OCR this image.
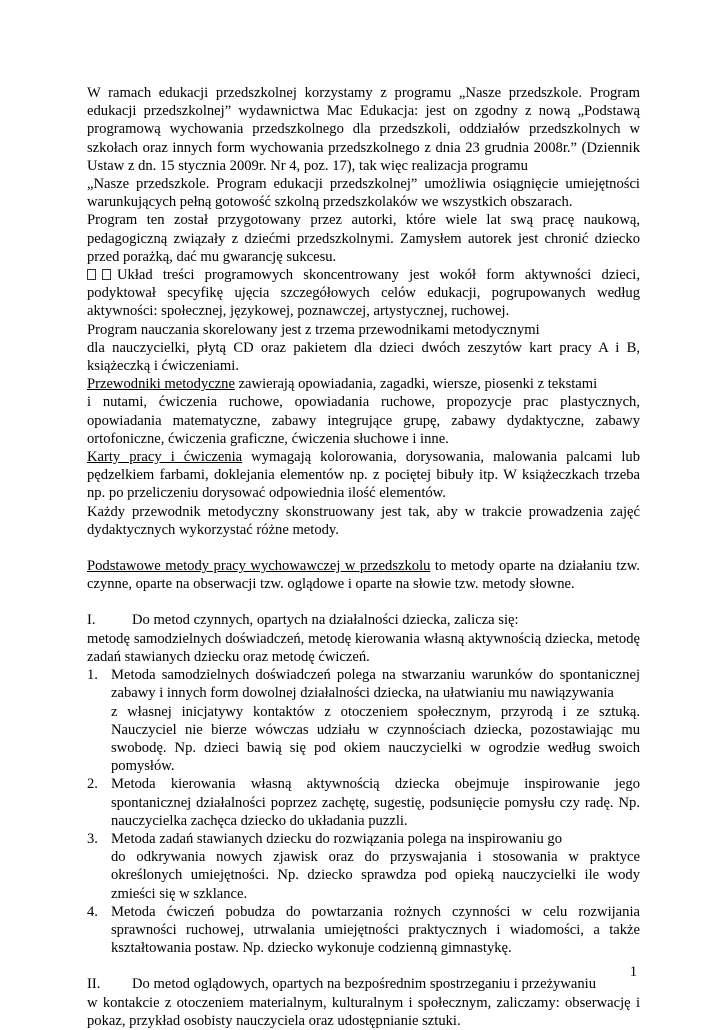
W ramach edukacji przedszkolnej korzystamy z programu „Nasze przedszkole. Program edukacji przedszkolnej” wydawnictwa Mac Edukacja: jest on zgodny z nową „Podstawą programową wychowania przedszkolnego dla przedszkoli, oddziałów przedszkolnych w szkołach oraz innych form wychowania przedszkolnego z dnia 23 grudnia 2008r.” (Dziennik Ustaw z dn. 15 stycznia 2009r. Nr 4, poz. 17), tak więc realizacja programu

„Nasze przedszkole. Program edukacji przedszkolnej” umożliwia osiągnięcie umiejętności warunkujących pełną gotowość szkolną przedszkolaków we wszystkich obszarach.

Program ten został przygotowany przez autorki, które wiele lat swą pracę naukową, pedagogiczną związały z dziećmi przedszkolnymi. Zamysłem autorek jest chronić dziecko przed porażką, dać mu gwarancję sukcesu.

Układ treści programowych skoncentrowany jest wokół form aktywności dzieci, podyktował specyfikę ujęcia szczegółowych celów edukacji, pogrupowanych według aktywności: społecznej, językowej, poznawczej, artystycznej, ruchowej.

Program nauczania skorelowany jest z trzema przewodnikami metodycznymi

dla nauczycielki, płytą CD oraz pakietem dla dzieci dwóch zeszytów kart pracy A i B, książeczką i ćwiczeniami.

Przewodniki metodyczne zawierają opowiadania, zagadki, wiersze, piosenki z tekstami

i nutami, ćwiczenia ruchowe, opowiadania ruchowe, propozycje prac plastycznych, opowiadania matematyczne, zabawy integrujące grupę, zabawy dydaktyczne, zabawy ortofoniczne, ćwiczenia graficzne, ćwiczenia słuchowe i inne.

Karty pracy i ćwiczenia wymagają kolorowania, dorysowania, malowania palcami lub pędzelkiem farbami, doklejania elementów np. z pociętej bibuły itp. W książeczkach trzeba np. po przeliczeniu dorysować odpowiednia ilość elementów.

Każdy przewodnik metodyczny skonstruowany jest tak, aby w trakcie prowadzenia zajęć dydaktycznych wykorzystać różne metody.

Podstawowe metody pracy wychowawczej w przedszkolu to metody oparte na działaniu tzw. czynne, oparte na obserwacji tzw. oglądowe i oparte na słowie tzw. metody słowne.

I.	Do metod czynnych, opartych na działalności dziecka, zalicza się:

metodę samodzielnych doświadczeń, metodę kierowania własną aktywnością dziecka, metodę zadań stawianych dziecku oraz metodę ćwiczeń.

1. Metoda samodzielnych doświadczeń polega na stwarzaniu warunków do spontanicznej zabawy i innych form dowolnej działalności dziecka, na ułatwianiu mu nawiązywania
z własnej inicjatywy kontaktów z otoczeniem społecznym, przyrodą i ze sztuką. Nauczyciel nie bierze wówczas udziału w czynnościach dziecka, pozostawiając mu swobodę. Np. dzieci bawią się pod okiem nauczycielki w ogrodzie według swoich pomysłów.
2. Metoda kierowania własną aktywnością dziecka obejmuje inspirowanie jego spontanicznej działalności poprzez zachętę, sugestię, podsunięcie pomysłu czy radę. Np. nauczycielka zachęca dziecko do układania puzzli.
3. Metoda zadań stawianych dziecku do rozwiązania polega na inspirowaniu go
do odkrywania nowych zjawisk oraz do przyswajania i stosowania w praktyce określonych umiejętności. Np. dziecko sprawdza pod opieką nauczycielki ile wody zmieści się w szklance.
4. Metoda ćwiczeń pobudza do powtarzania rożnych czynności w celu rozwijania sprawności ruchowej, utrwalania umiejętności praktycznych i wiadomości, a także kształtowania postaw. Np. dziecko wykonuje codzienną gimnastykę.
II.	Do metod oglądowych, opartych na bezpośrednim spostrzeganiu i przeżywaniu

w kontakcie z otoczeniem materialnym, kulturalnym i społecznym, zaliczamy: obserwację i pokaz, przykład osobisty nauczyciela oraz udostępnianie sztuki.

1
